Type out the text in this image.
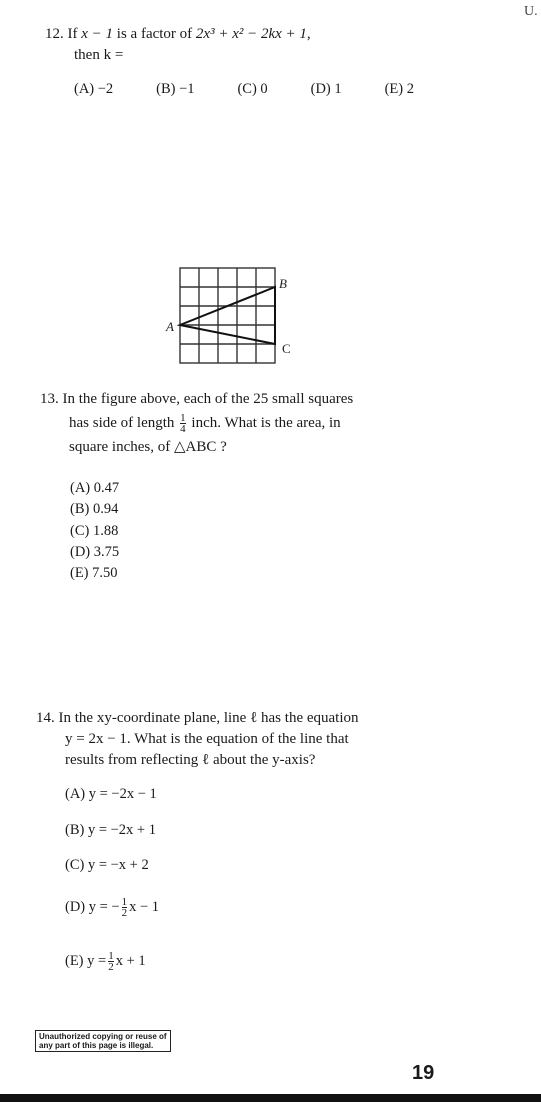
U.
12. If x − 1 is a factor of 2x³ + x² − 2kx + 1,
then k =
(A) −2	(B) −1	(C) 0	(D) 1	(E) 2
A
B
C
13. In the figure above, each of the 25 small squares
has side of length $\frac{1}{4}$ inch. What is the area, in
square inches, of △ABC ?
(A) 0.47
(B) 0.94
(C) 1.88
(D) 3.75
(E) 7.50
14. In the xy-coordinate plane, line ℓ has the equation
y = 2x − 1. What is the equation of the line that
results from reflecting ℓ about the y-axis?
(A) y = −2x − 1
(B) y = −2x + 1
(C) y = −x + 2
(D) y = − $\frac{1}{2}$ x − 1
(E) $y = \frac{1}{2}$ x + 1
Unauthorized copying or reuse of
any part of this page is illegal.
19
